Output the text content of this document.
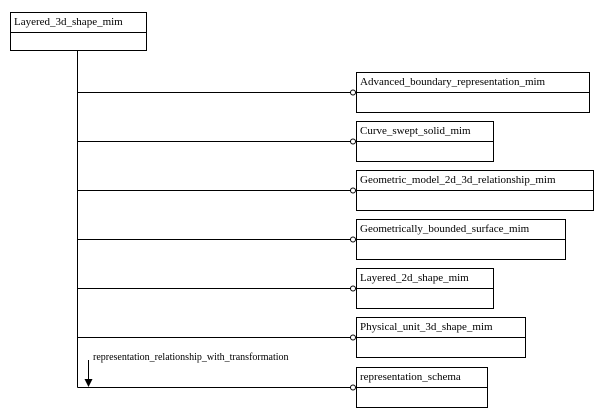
Layered_3d_shape_mim
Advanced_boundary_representation_mim
Curve_swept_solid_mim
Geometric_model_2d_3d_relationship_mim
Geometrically_bounded_surface_mim
Layered_2d_shape_mim
Physical_unit_3d_shape_mim
representation_schema
representation_relationship_with_transformation
